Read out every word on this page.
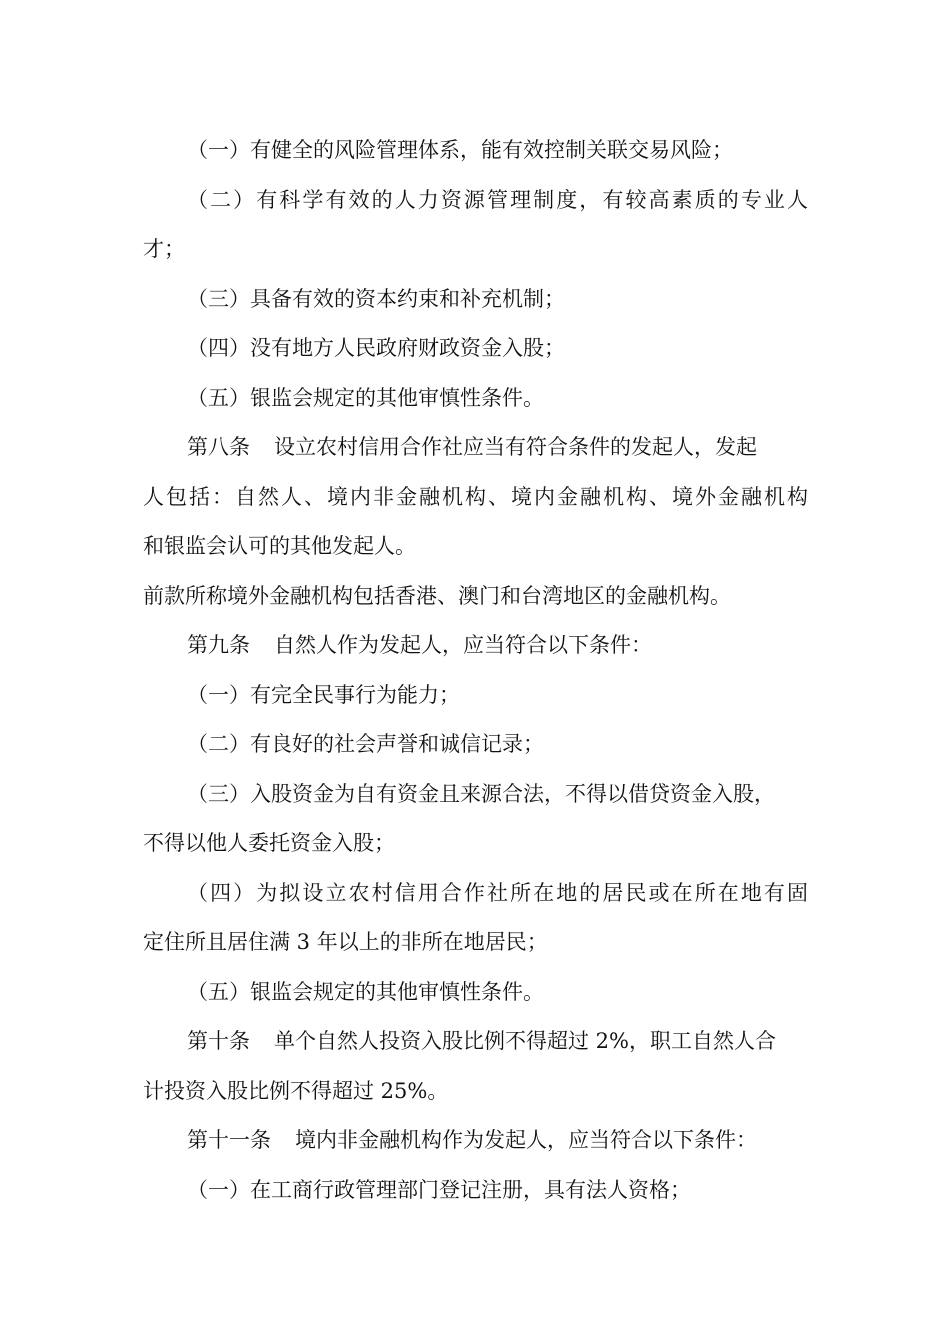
（一）有健全的风险管理体系，能有效控制关联交易风险；

（二）有科学有效的人力资源管理制度，有较高素质的专业人

才；

（三）具备有效的资本约束和补充机制；

（四）没有地方人民政府财政资金入股；

（五）银监会规定的其他审慎性条件。

第八条 设立农村信用合作社应当有符合条件的发起人，发起

人包括：自然人、境内非金融机构、境内金融机构、境外金融机构

和银监会认可的其他发起人。

前款所称境外金融机构包括香港、澳门和台湾地区的金融机构。

第九条 自然人作为发起人，应当符合以下条件：

（一）有完全民事行为能力；

（二）有良好的社会声誉和诚信记录；

（三）入股资金为自有资金且来源合法，不得以借贷资金入股，

不得以他人委托资金入股；

（四）为拟设立农村信用合作社所在地的居民或在所在地有固

定住所且居住满 3 年以上的非所在地居民；

（五）银监会规定的其他审慎性条件。

第十条 单个自然人投资入股比例不得超过 2%，职工自然人合

计投资入股比例不得超过 25%。

第十一条 境内非金融机构作为发起人，应当符合以下条件：

（一）在工商行政管理部门登记注册，具有法人资格；
